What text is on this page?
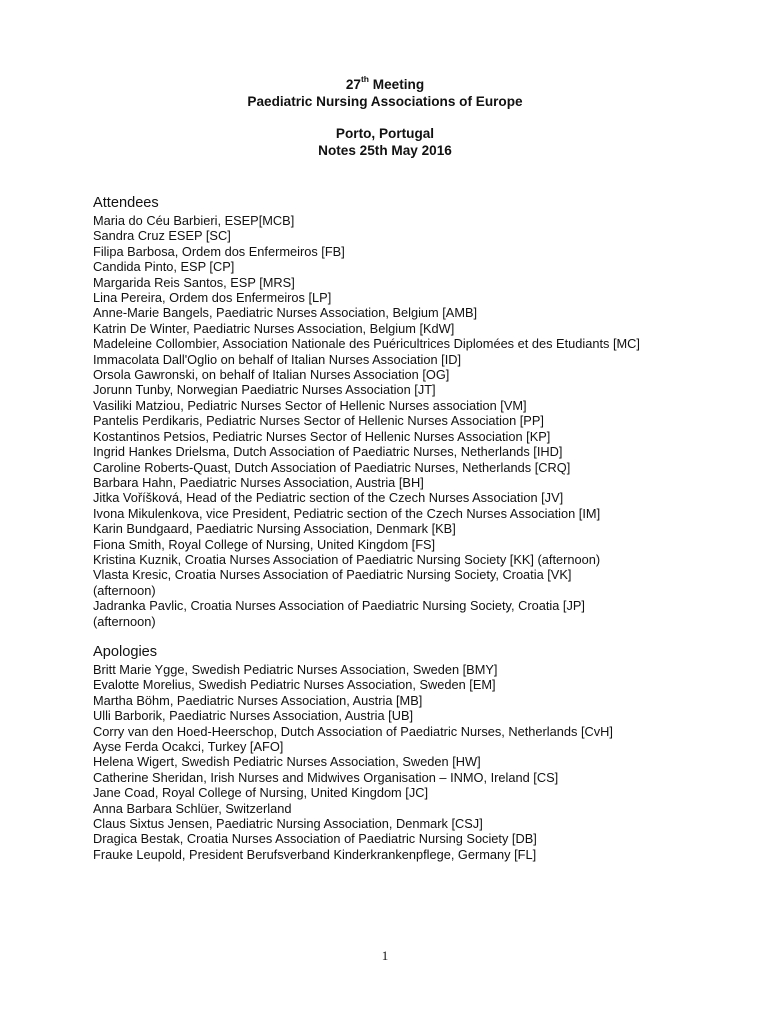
27th Meeting
Paediatric Nursing Associations of Europe
Porto, Portugal
Notes 25th May 2016
Attendees
Maria do Céu Barbieri, ESEP[MCB]
Sandra Cruz ESEP [SC]
Filipa Barbosa, Ordem dos Enfermeiros [FB]
Candida Pinto, ESP [CP]
Margarida Reis Santos, ESP [MRS]
Lina Pereira, Ordem dos Enfermeiros [LP]
Anne-Marie Bangels, Paediatric Nurses Association, Belgium [AMB]
Katrin De Winter, Paediatric Nurses Association, Belgium [KdW]
Madeleine Collombier, Association Nationale des Puéricultrices Diplomées et des Etudiants [MC]
Immacolata Dall'Oglio on behalf of Italian Nurses Association [ID]
Orsola Gawronski, on behalf of Italian Nurses Association [OG]
Jorunn Tunby, Norwegian Paediatric Nurses Association [JT]
Vasiliki Matziou, Pediatric Nurses Sector of Hellenic Nurses association [VM]
Pantelis Perdikaris, Pediatric Nurses Sector of Hellenic Nurses Association [PP]
Kostantinos Petsios, Pediatric Nurses Sector of Hellenic Nurses Association [KP]
Ingrid Hankes Drielsma, Dutch Association of Paediatric Nurses, Netherlands [IHD]
Caroline Roberts-Quast, Dutch Association of Paediatric Nurses, Netherlands [CRQ]
Barbara Hahn, Paediatric Nurses Association, Austria [BH]
Jitka Voříšková, Head of the Pediatric section of the Czech Nurses Association [JV]
Ivona Mikulenkova, vice President, Pediatric section of the Czech Nurses Association [IM]
Karin Bundgaard, Paediatric Nursing Association, Denmark [KB]
Fiona Smith, Royal College of Nursing, United Kingdom [FS]
Kristina Kuznik, Croatia Nurses Association of Paediatric Nursing Society [KK] (afternoon)
Vlasta Kresic, Croatia Nurses Association of Paediatric Nursing Society, Croatia [VK]
(afternoon)
Jadranka Pavlic, Croatia Nurses Association of Paediatric Nursing Society, Croatia [JP]
(afternoon)
Apologies
Britt Marie Ygge, Swedish Pediatric Nurses Association, Sweden [BMY]
Evalotte Morelius, Swedish Pediatric Nurses Association, Sweden [EM]
Martha Böhm, Paediatric Nurses Association, Austria [MB]
Ulli Barborik, Paediatric Nurses Association, Austria [UB]
Corry van den Hoed-Heerschop, Dutch Association of Paediatric Nurses, Netherlands [CvH]
Ayse Ferda Ocakci, Turkey [AFO]
Helena Wigert, Swedish Pediatric Nurses Association, Sweden [HW]
Catherine Sheridan, Irish Nurses and Midwives Organisation – INMO, Ireland [CS]
Jane Coad, Royal College of Nursing, United Kingdom [JC]
Anna Barbara Schlüer, Switzerland
Claus Sixtus Jensen, Paediatric Nursing Association, Denmark [CSJ]
Dragica Bestak, Croatia Nurses Association of Paediatric Nursing Society [DB]
Frauke Leupold, President Berufsverband Kinderkrankenpflege, Germany [FL]
1
